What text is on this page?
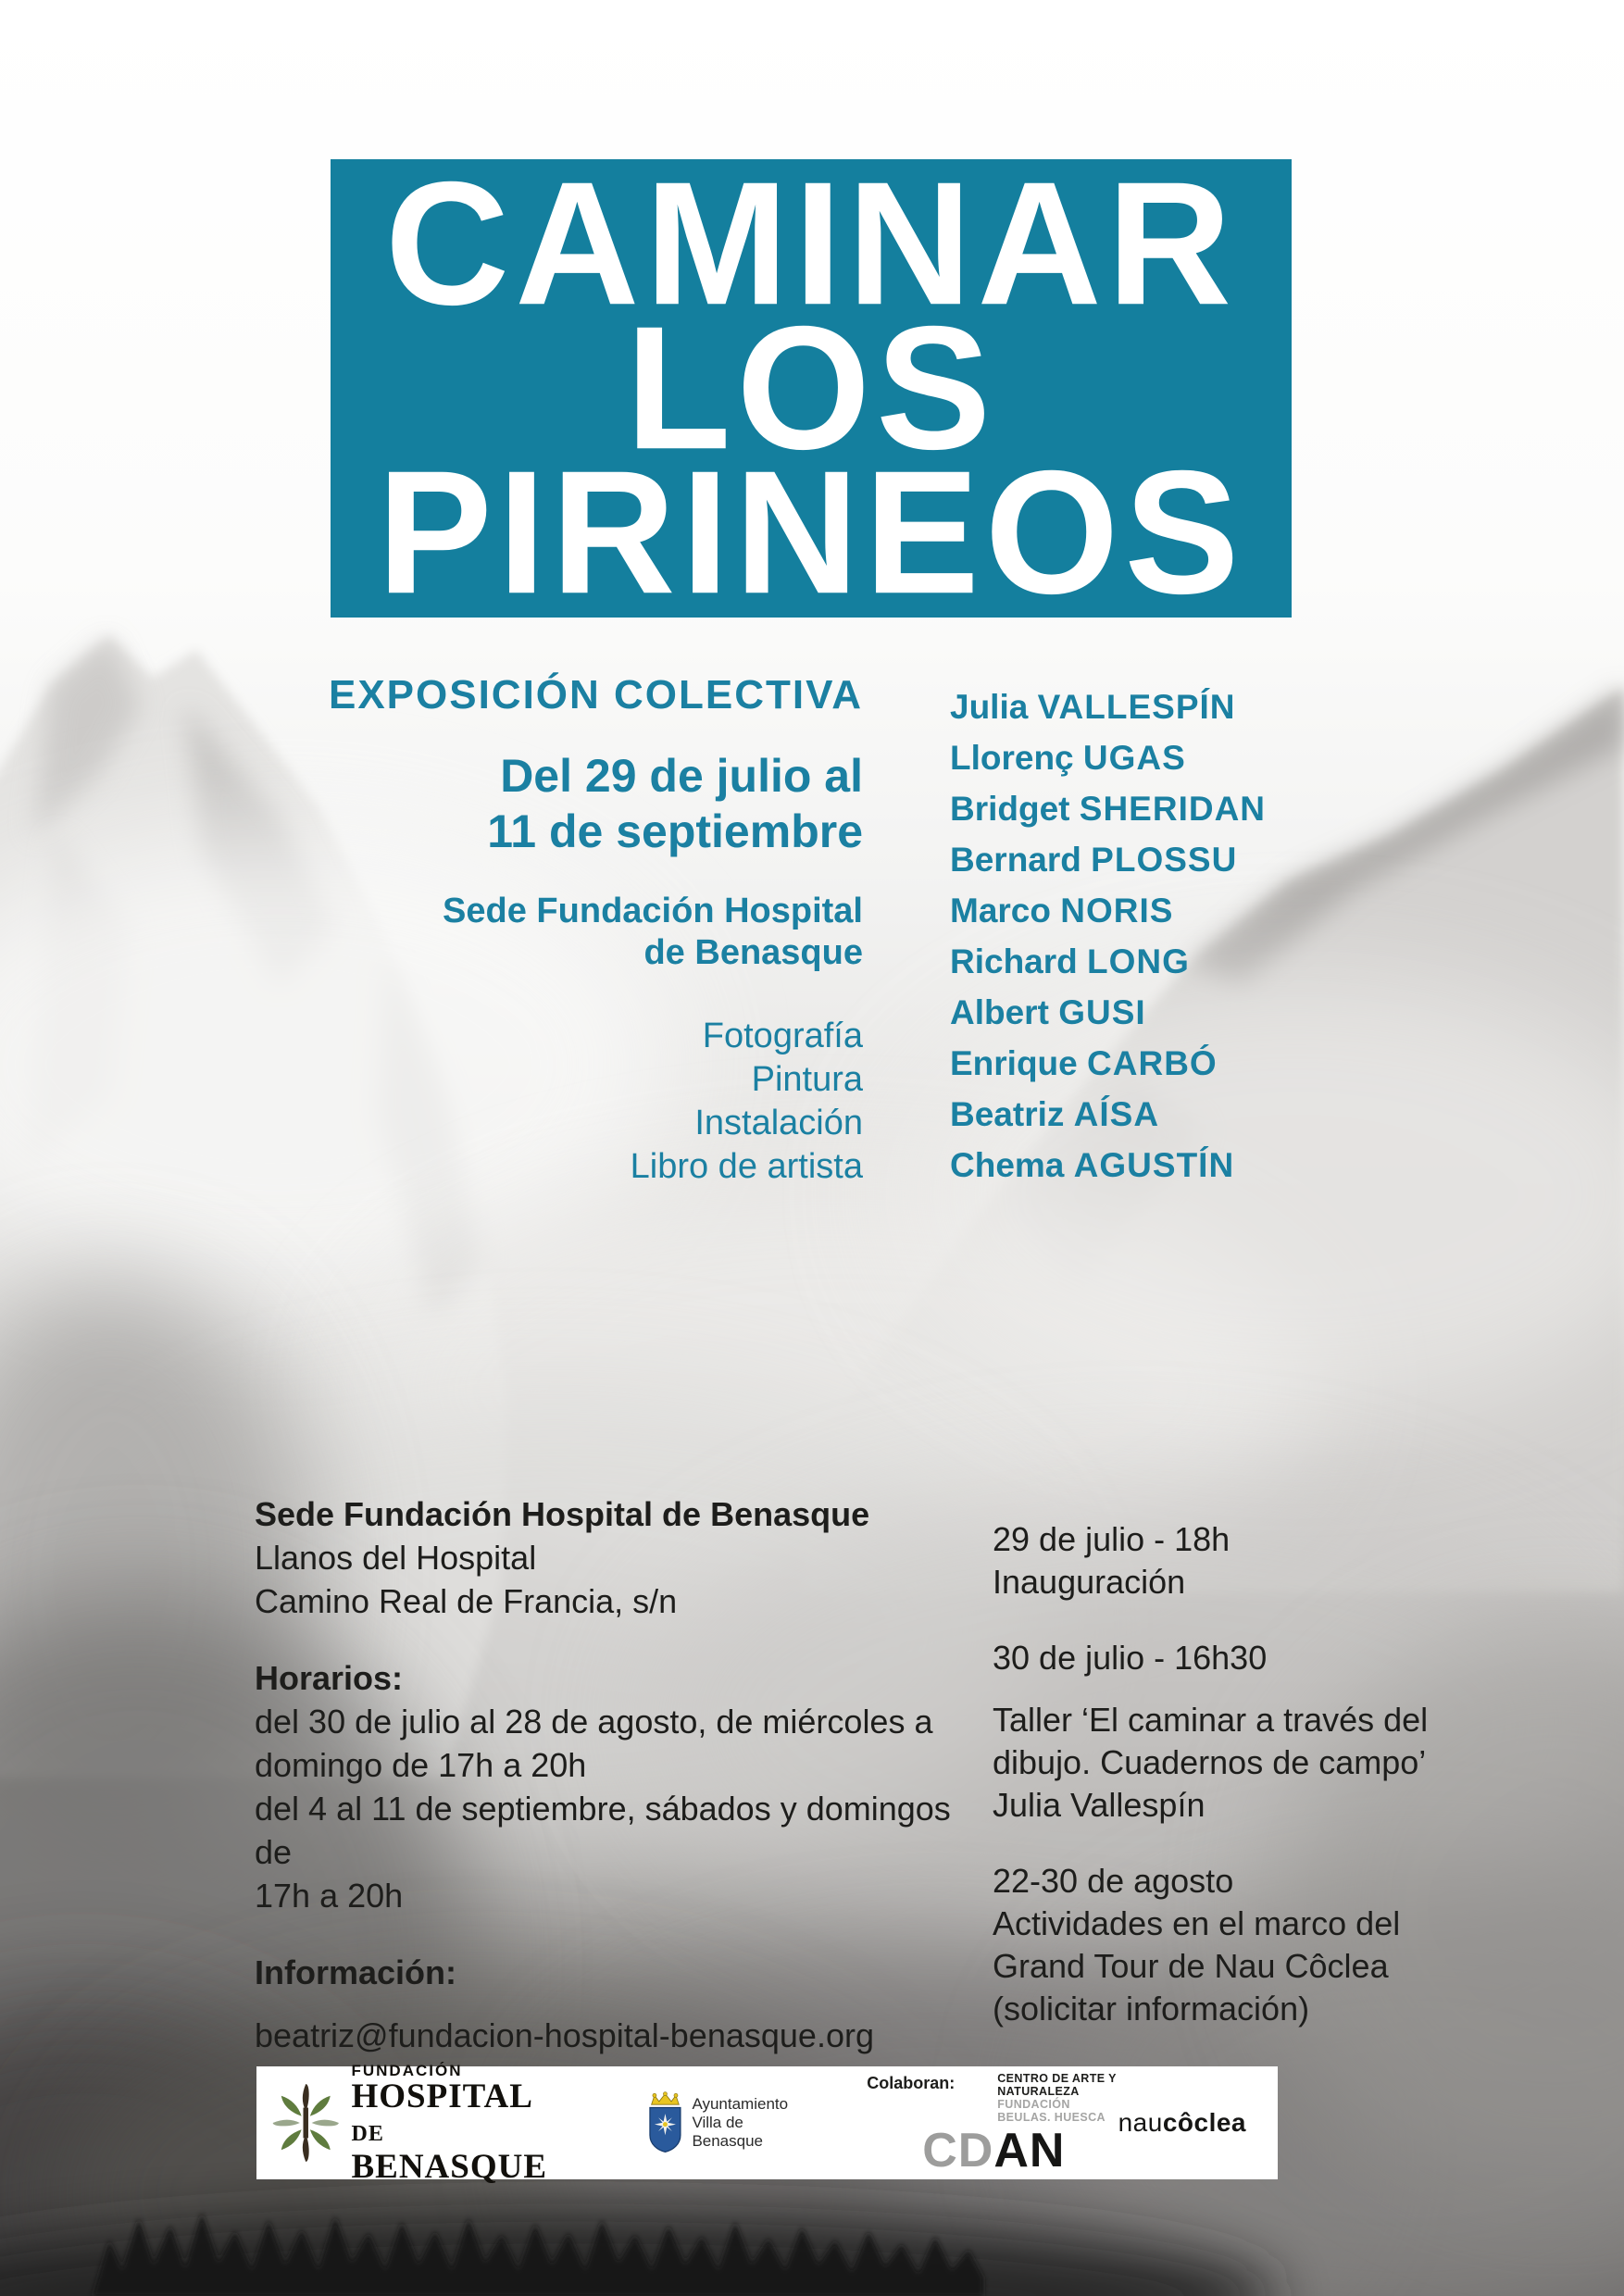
CAMINAR
LOS
PIRINEOS
EXPOSICIÓN COLECTIVA
Del 29 de julio al
11 de septiembre
Sede Fundación Hospital
de Benasque
Fotografía
Pintura
Instalación
Libro de artista
Julia VALLESPÍN
Llorenç UGAS
Bridget SHERIDAN
Bernard PLOSSU
Marco NORIS
Richard LONG
Albert GUSI
Enrique CARBÓ
Beatriz AÍSA
Chema AGUSTÍN
Sede Fundación Hospital de Benasque
Llanos del Hospital
Camino Real de Francia, s/n
Horarios:
del 30 de julio al 28 de agosto, de miércoles a
domingo de 17h a 20h
del 4 al 11 de septiembre, sábados y domingos de
17h a 20h
Información:
beatriz@fundacion-hospital-benasque.org
29 de julio - 18h
Inauguración
30 de julio - 16h30
Taller ‘El caminar a través del
dibujo. Cuadernos de campo’
Julia Vallespín
22-30 de agosto
Actividades en el marco del
Grand Tour de Nau Côclea
(solicitar información)
FUNDACIÓN
HOSPITAL DE
BENASQUE
Ayuntamiento
Villa de Benasque
Colaboran:	CENTRO DE ARTE Y NATURALEZA
FUNDACIÓN BEULAS. HUESCA
CDAN
naucôclea
